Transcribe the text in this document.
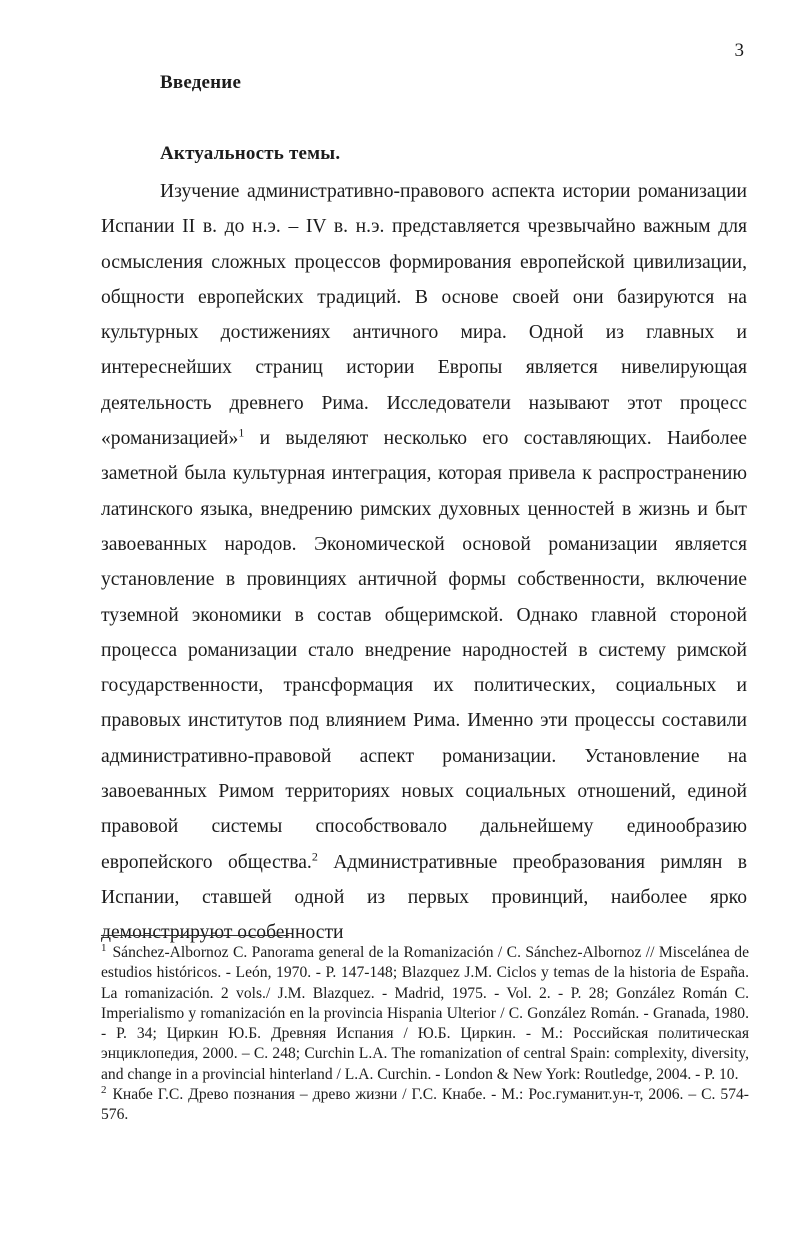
3
Введение
Актуальность темы.

Изучение административно-правового аспекта истории романизации Испании II в. до н.э. – IV в. н.э. представляется чрезвычайно важным для осмысления сложных процессов формирования европейской цивилизации, общности европейских традиций. В основе своей они базируются на культурных достижениях античного мира. Одной из главных и интереснейших страниц истории Европы является нивелирующая деятельность древнего Рима. Исследователи называют этот процесс «романизацией»$^1$ и выделяют несколько его составляющих. Наиболее заметной была культурная интеграция, которая привела к распространению латинского языка, внедрению римских духовных ценностей в жизнь и быт завоеванных народов. Экономической основой романизации является установление в провинциях античной формы собственности, включение туземной экономики в состав общеримской. Однако главной стороной процесса романизации стало внедрение народностей в систему римской государственности, трансформация их политических, социальных и правовых институтов под влиянием Рима. Именно эти процессы составили административно-правовой аспект романизации. Установление на завоеванных Римом территориях новых социальных отношений, единой правовой системы способствовало дальнейшему единообразию европейского общества.$^2$ Административные преобразования римлян в Испании, ставшей одной из первых провинций, наиболее ярко демонстрируют особенности

$^1$ Sánchez-Albornoz C. Panorama general de la Romanización / C. Sánchez-Albornoz // Miscelánea de estudios históricos. - León, 1970. - P. 147-148; Blazquez J.M. Ciclos y temas de la historia de España. La romanización. 2 vols./ J.M. Blazquez. - Madrid, 1975. - Vol. 2. - P. 28; González Román C. Imperialismo y romanización en la provincia Hispania Ulterior / C. González Román. - Granada, 1980. - P. 34; Циркин Ю.Б. Древняя Испания / Ю.Б. Циркин. - М.: Российская политическая энциклопедия, 2000. – С. 248; Curchin L.A. The romanization of central Spain: complexity, diversity, and change in a provincial hinterland / L.A. Curchin. - London & New York: Routledge, 2004. - P. 10.

$^2$ Кнабе Г.С. Древо познания – древо жизни / Г.С. Кнабе. - М.: Рос.гуманит.ун-т, 2006. – С. 574-576.
